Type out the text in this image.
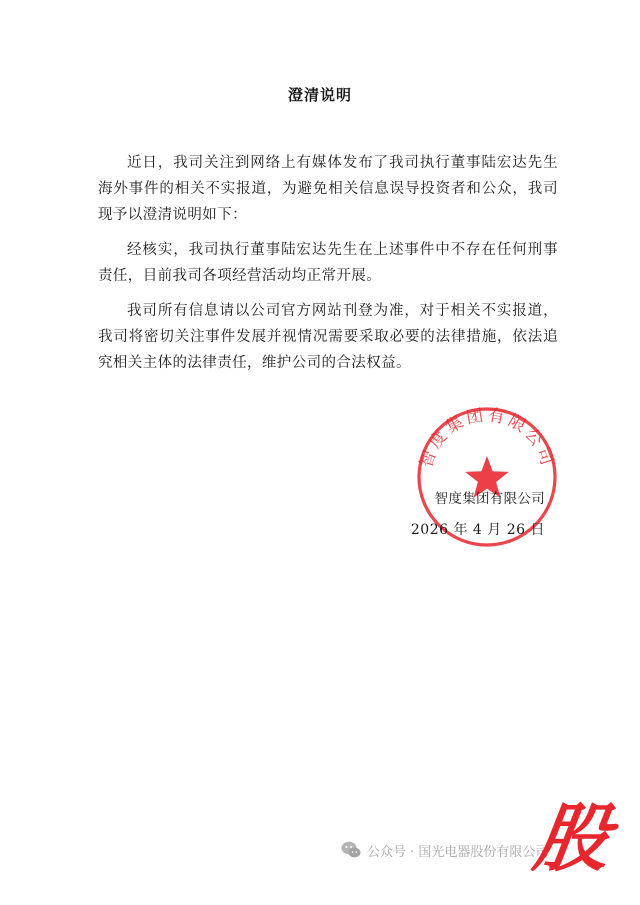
澄清说明

近日，我司关注到网络上有媒体发布了我司执行董事陆宏达先生海外事件的相关不实报道，为避免相关信息误导投资者和公众，我司现予以澄清说明如下：

经核实，我司执行董事陆宏达先生在上述事件中不存在任何刑事责任，目前我司各项经营活动均正常开展。

我司所有信息请以公司官方网站刊登为准，对于相关不实报道，我司将密切关注事件发展并视情况需要采取必要的法律措施，依法追究相关主体的法律责任，维护公司的合法权益。

智度集团有限公司
智度集团有限公司
2026 年 4 月 26 日
公众号 · 国光电器股份有限公司
股
